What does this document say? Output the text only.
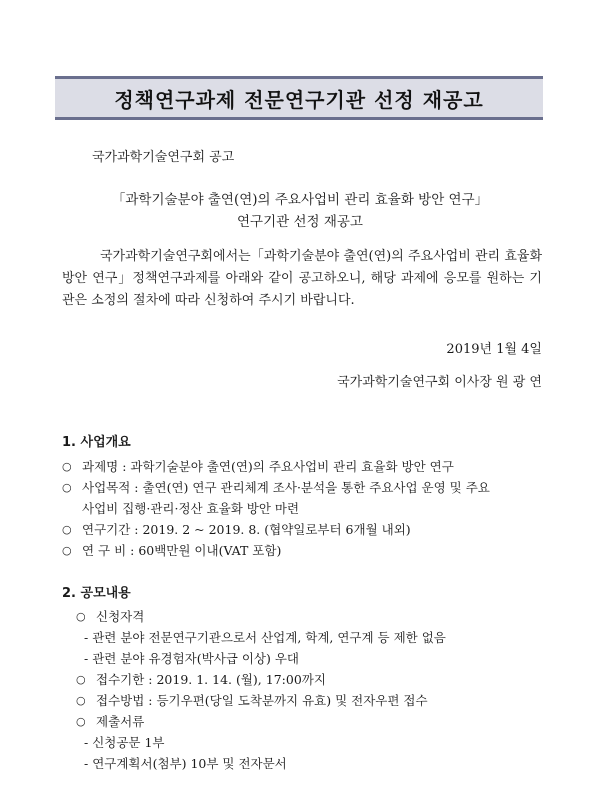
정책연구과제 전문연구기관 선정 재공고
국가과학기술연구회 공고
「과학기술분야 출연(연)의 주요사업비 관리 효율화 방안 연구」
연구기관 선정 재공고
국가과학기술연구회에서는「과학기술분야 출연(연)의 주요사업비 관리 효율화 방안 연구」정책연구과제를 아래와 같이 공고하오니, 해당 과제에 응모를 원하는 기관은 소정의 절차에 따라 신청하여 주시기 바랍니다.
2019년 1월 4일
국가과학기술연구회 이사장 원 광 연
1. 사업개요
○ 과제명 : 과학기술분야 출연(연)의 주요사업비 관리 효율화 방안 연구
○ 사업목적 : 출연(연) 연구 관리체계 조사·분석을 통한 주요사업 운영 및 주요
사업비 집행·관리·정산 효율화 방안 마련
○ 연구기간 : 2019. 2 ~ 2019. 8. (협약일로부터 6개월 내외)
○ 연 구 비 : 60백만원 이내(VAT 포함)
2. 공모내용
○ 신청자격
- 관련 분야 전문연구기관으로서 산업계, 학계, 연구계 등 제한 없음
- 관련 분야 유경험자(박사급 이상) 우대
○ 접수기한 : 2019. 1. 14. (월), 17:00까지
○ 접수방법 : 등기우편(당일 도착분까지 유효) 및 전자우편 접수
○ 제출서류
- 신청공문 1부
- 연구계획서(첨부) 10부 및 전자문서
